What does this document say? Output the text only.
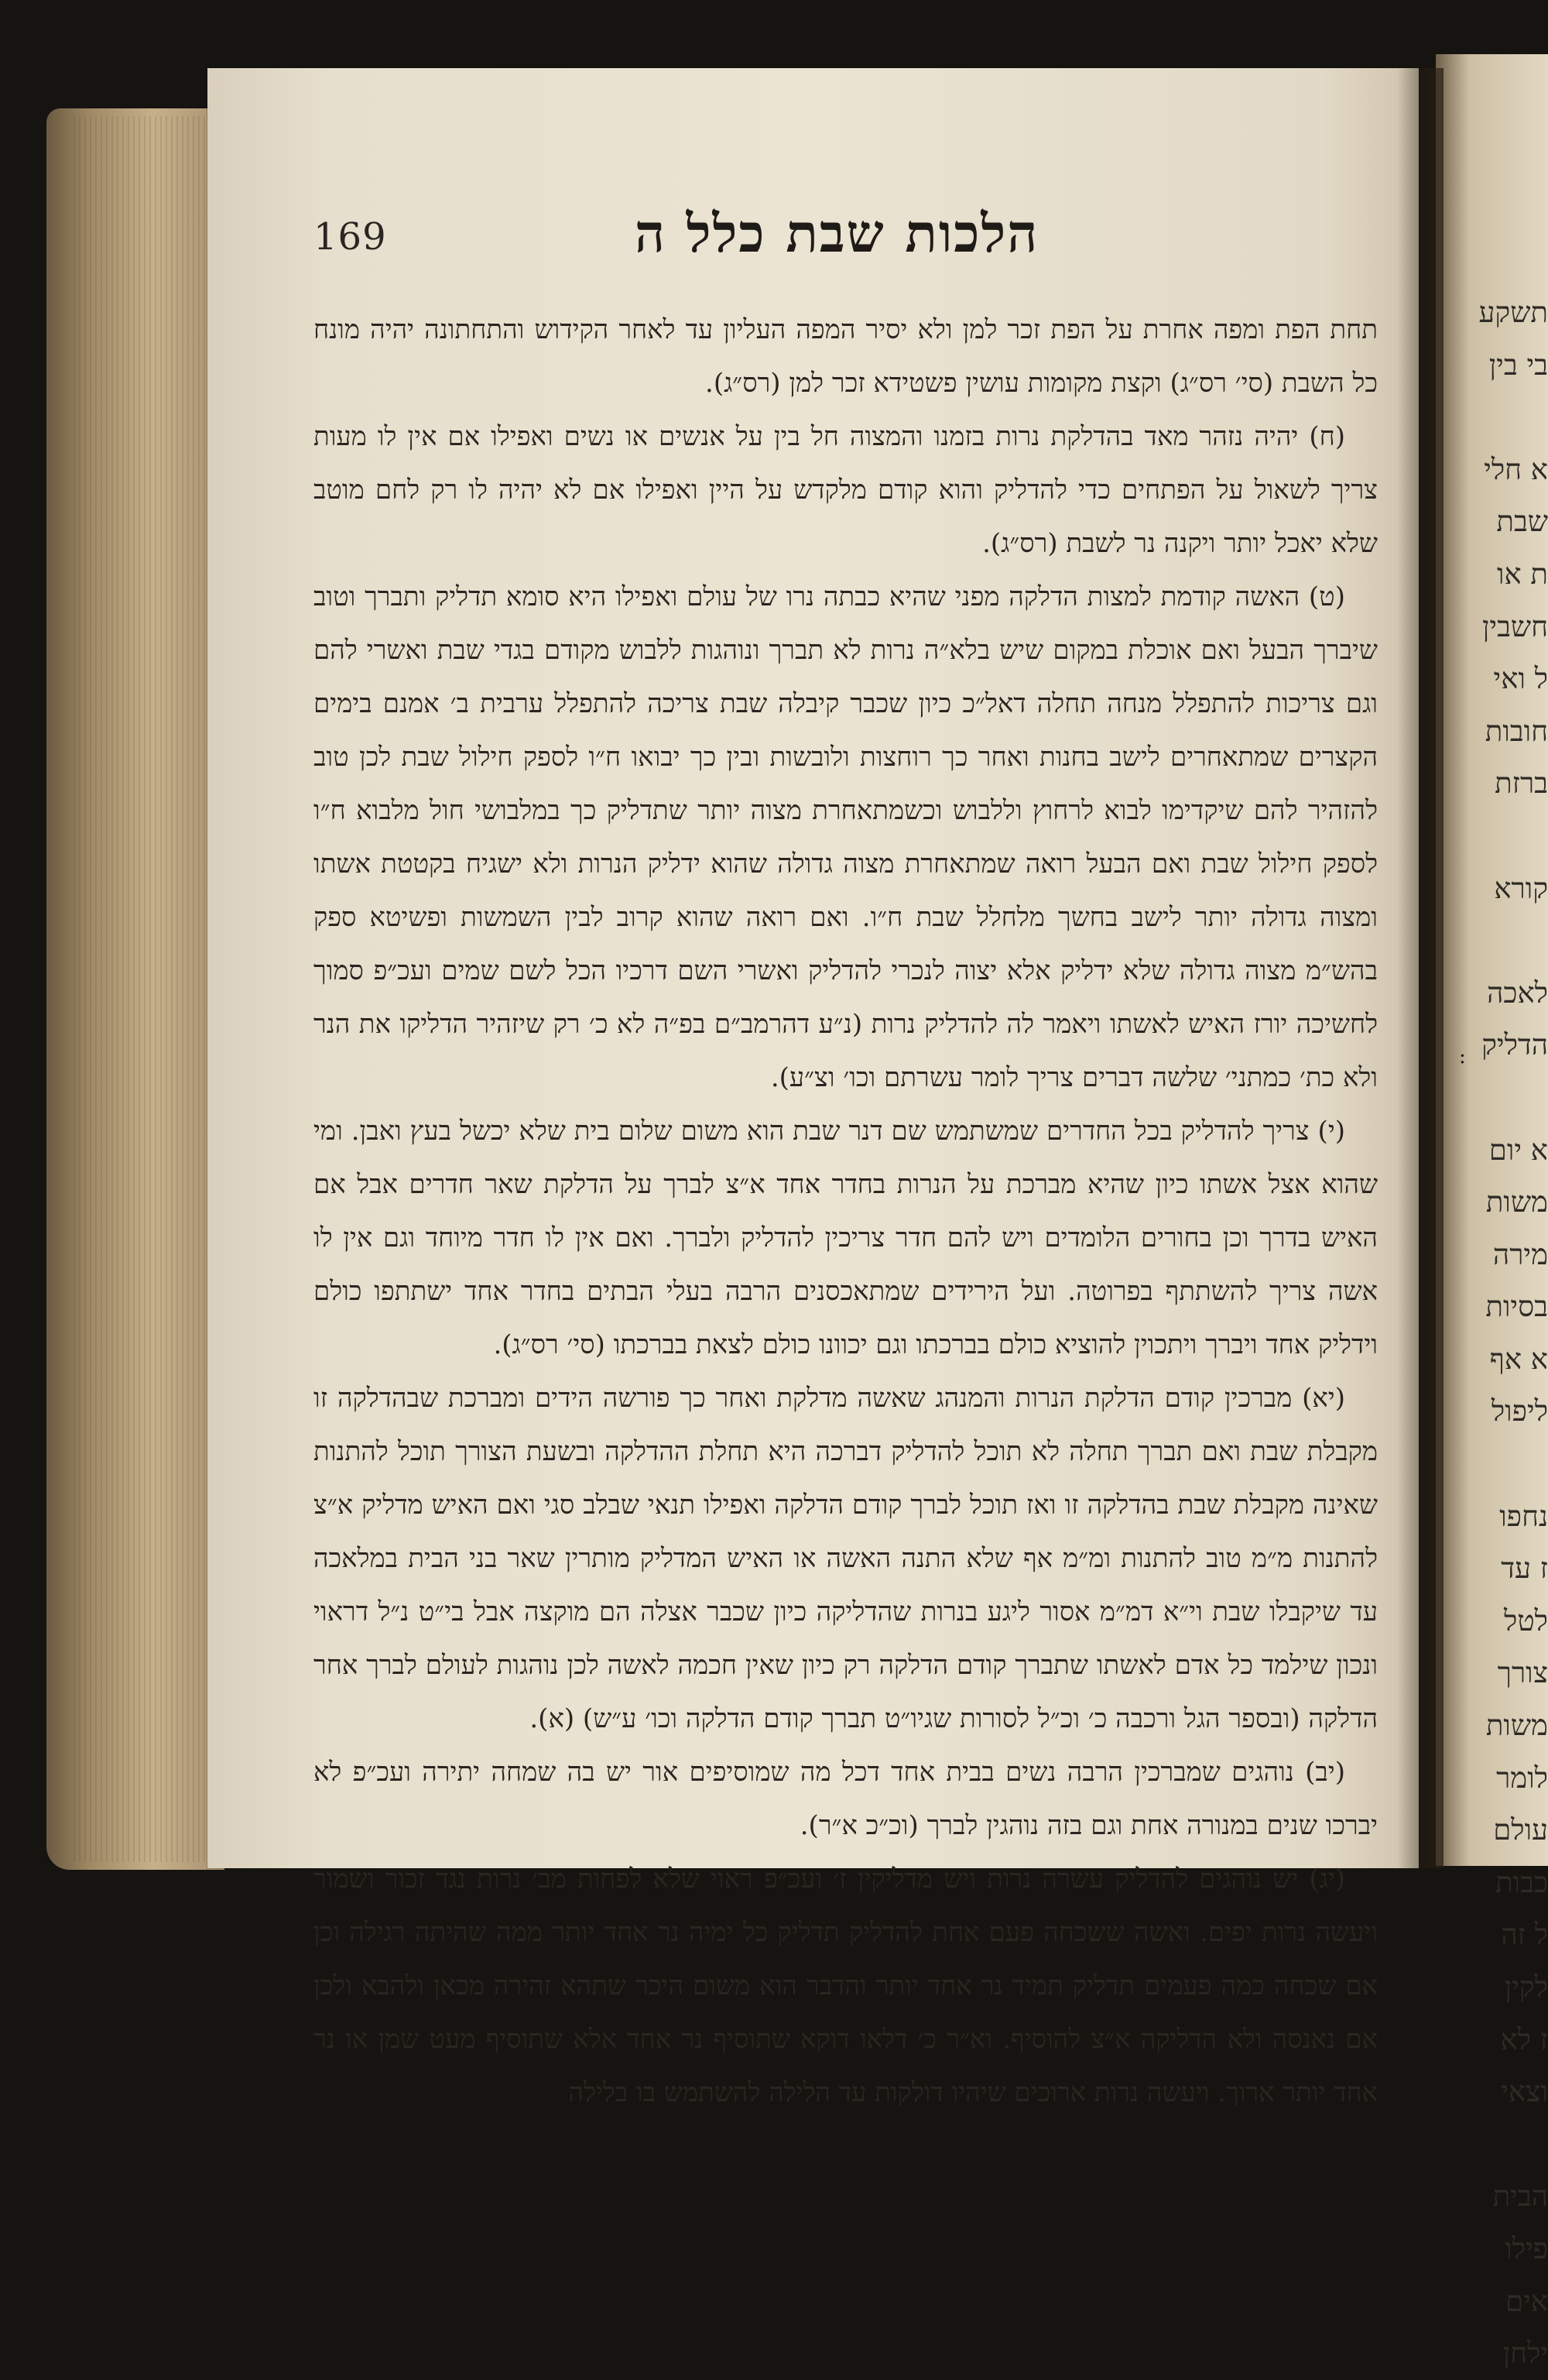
תשקע
בי בין

א חלי
שבת
ת או
חשבין
ל ואי
חובות
ברזת

קורא

לאכה
הדליק

א יום
משות
מירה
בסיות
א אף
ליפול

נחפו
ז עד
לטל
צורך
משות
לומר
עולם
כבות
ל זה
לקין
ז לא
וצאי

הבית
פילו
אים
ילחן
169	הלכות שבת כלל ה

תחת הפת ומפה אחרת על הפת זכר למן ולא יסיר המפה העליון עד לאחר הקידוש והתחתונה יהיה מונח כל השבת (סי׳ רס״ג) וקצת מקומות עושין פשטידא זכר למן (רס״ג).

(ח) יהיה נזהר מאד בהדלקת נרות בזמנו והמצוה חל בין על אנשים או נשים ואפילו אם אין לו מעות צריך לשאול על הפתחים כדי להדליק והוא קודם מלקדש על היין ואפילו אם לא יהיה לו רק לחם מוטב שלא יאכל יותר ויקנה נר לשבת (רס״ג).

(ט) האשה קודמת למצות הדלקה מפני שהיא כבתה נרו של עולם ואפילו היא סומא תדליק ותברך וטוב שיברך הבעל ואם אוכלת במקום שיש בלא״ה נרות לא תברך ונוהגות ללבוש מקודם בגדי שבת ואשרי להם וגם צריכות להתפלל מנחה תחלה דאל״כ כיון שכבר קיבלה שבת צריכה להתפלל ערבית ב׳ אמנם בימים הקצרים שמתאחרים לישב בחנות ואחר כך רוחצות ולובשות ובין כך יבואו ח״ו לספק חילול שבת לכן טוב להזהיר להם שיקדימו לבוא לרחוץ וללבוש וכשמתאחרת מצוה יותר שתדליק כך במלבושי חול מלבוא ח״ו לספק חילול שבת ואם הבעל רואה שמתאחרת מצוה גדולה שהוא ידליק הנרות ולא ישגיח בקטטת אשתו ומצוה גדולה יותר לישב בחשך מלחלל שבת ח״ו. ואם רואה שהוא קרוב לבין השמשות ופשיטא ספק בהש״מ מצוה גדולה שלא ידליק אלא יצוה לנכרי להדליק ואשרי השם דרכיו הכל לשם שמים ועכ״פ סמוך לחשיכה יורז האיש לאשתו ויאמר לה להדליק נרות (נ״ע דהרמב״ם בפ״ה לא כ׳ רק שיזהיר הדליקו את הנר ולא כת׳ כמתני׳ שלשה דברים צריך לומר עשרתם וכו׳ וצ״ע).

(י) צריך להדליק בכל החדרים שמשתמש שם דנר שבת הוא משום שלום בית שלא יכשל בעץ ואבן. ומי שהוא אצל אשתו כיון שהיא מברכת על הנרות בחדר אחד א״צ לברך על הדלקת שאר חדרים אבל אם האיש בדרך וכן בחורים הלומדים ויש להם חדר צריכין להדליק ולברך. ואם אין לו חדר מיוחד וגם אין לו אשה צריך להשתתף בפרוטה. ועל הירידים שמתאכסנים הרבה בעלי הבתים בחדר אחד ישתתפו כולם וידליק אחד ויברך ויתכוין להוציא כולם בברכתו וגם יכוונו כולם לצאת בברכתו (סי׳ רס״ג).

(יא) מברכין קודם הדלקת הנרות והמנהג שאשה מדלקת ואחר כך פורשה הידים ומברכת שבהדלקה זו מקבלת שבת ואם תברך תחלה לא תוכל להדליק דברכה היא תחלת ההדלקה ובשעת הצורך תוכל להתנות שאינה מקבלת שבת בהדלקה זו ואז תוכל לברך קודם הדלקה ואפילו תנאי שבלב סגי ואם האיש מדליק א״צ להתנות מ״מ טוב להתנות ומ״מ אף שלא התנה האשה או האיש המדליק מותרין שאר בני הבית במלאכה עד שיקבלו שבת וי״א דמ״מ אסור ליגע בנרות שהדליקה כיון שכבר אצלה הם מוקצה אבל בי״ט נ״ל דראוי ונכון שילמד כל אדם לאשתו שתברך קודם הדלקה רק כיון שאין חכמה לאשה לכן נוהגות לעולם לברך אחר הדלקה (ובספר הגל ורכבה כ׳ וכ״ל לסורות שגיו״ט תברך קודם הדלקה וכו׳ ע״ש) (א).

(יב) נוהגים שמברכין הרבה נשים בבית אחד דכל מה שמוסיפים אור יש בה שמחה יתירה ועכ״פ לא יברכו שנים במנורה אחת וגם בזה נוהגין לברך (וכ״כ א״ר).

(יג) יש נוהגים להדליק עשרה נרות ויש מדליקין ז׳ ועכ״פ ראוי שלא לפחות מב׳ נרות נגד זכור ושמור ויעשה נרות יפים. ואשה ששכחה פעם אחת להדליק תדליק כל ימיה נר אחד יותר ממה שהיתה רגילה וכן אם שכחה כמה פעמים תדליק תמיד נר אחד יותר והדבר הוא משום היכר שתהא זהירה מכאן ולהבא ולכן אם נאנסה ולא הדליקה א״צ להוסיף. וא״ר כ׳ דלאו דוקא שתוסיף נר אחד אלא שתוסיף מעט שמן או נר אחד יותר ארוך. ויעשה נרות ארוכים שיהיו דולקות עד הלילה להשתמש בו בלילה

:
